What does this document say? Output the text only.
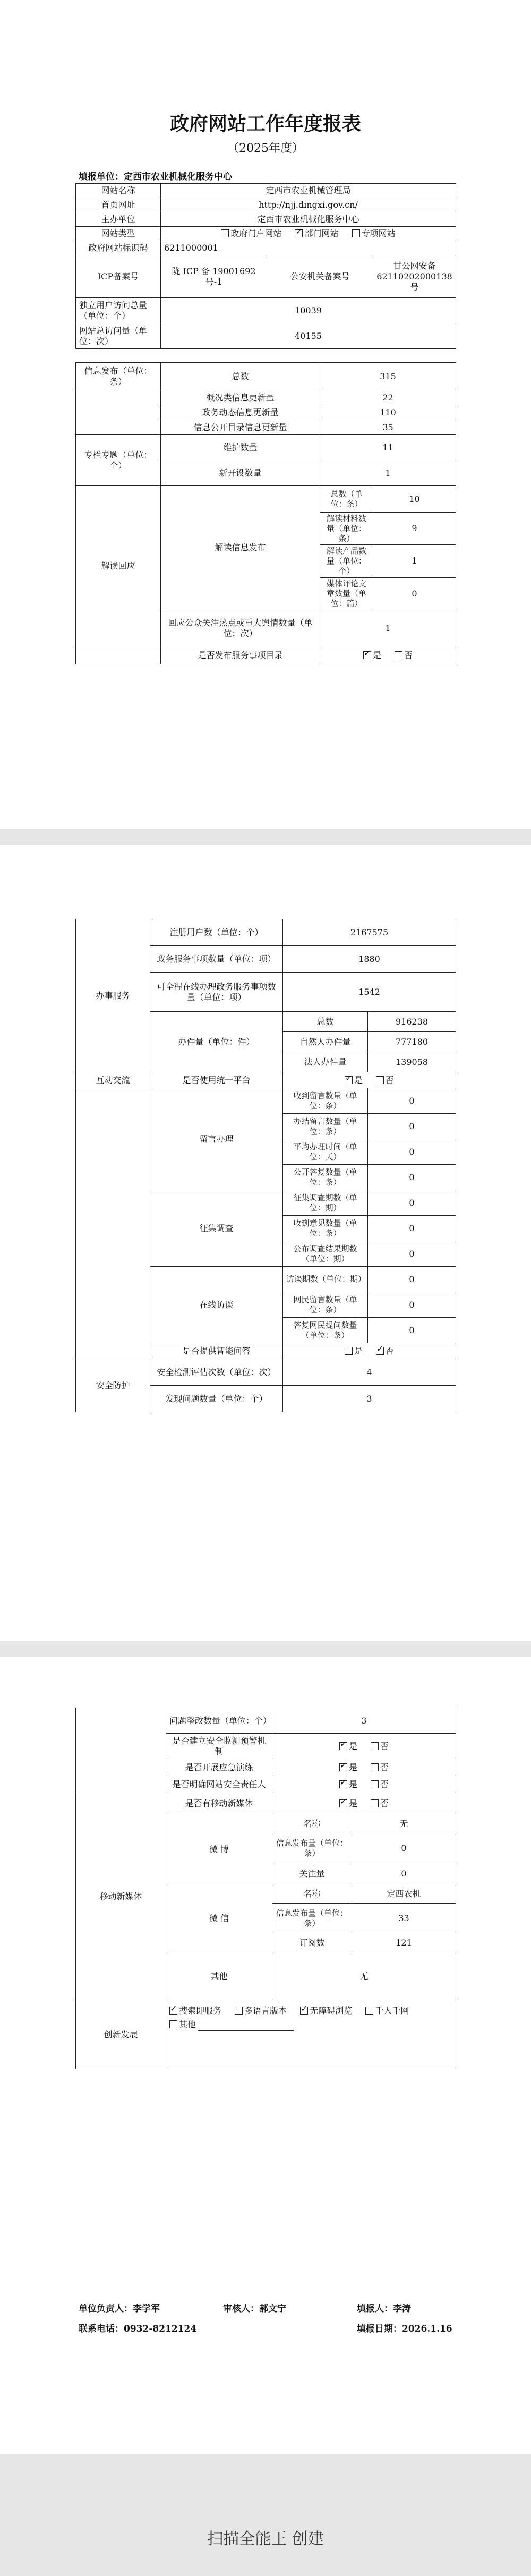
政府网站工作年度报表
（2025年度）
填报单位：定西市农业机械化服务中心
网站名称	定西市农业机械管理局		
首页网址	http://njj.dingxi.gov.cn/		
主办单位	定西市农业机械化服务中心		
网站类型	政府门户网站 ✓ 部门网站 专项网站
政府网站标识码	6211000001		
ICP备案号	陇 ICP 备 19001692 号-1	公安机关备案号	甘公网安备62110202000138号
独立用户访问总量（单位：个）	10039		
网站总访问量（单位：次）	40155		
信息发布（单位：条）	总数	315	
	概况类信息更新量	22	
	政务动态信息更新量	110	
	信息公开目录信息更新量	35	
专栏专题（单位：个）	维护数量	11	
	新开设数量	1	
解读回应	解读信息发布	总数（单位：条）	10
		解读材料数量（单位：条）	9
		解读产品数量（单位：个）	1
		媒体评论文章数量（单位：篇）	0
	回应公众关注热点或重大舆情数量（单位：次）	1	
	是否发布服务事项目录	✓是 否
办事服务	注册用户数（单位：个）	2167575	
	政务服务事项数量（单位：项）	1880	
	可全程在线办理政务服务事项数量（单位：项）	1542	
	办件量（单位：件）	总数	916238
		自然人办件量	777180
		法人办件量	139058
互动交流	是否使用统一平台	✓是 否
	留言办理	收到留言数量（单位：条）	0
		办结留言数量（单位：条）	0
		平均办理时间（单位：天）	0
		公开答复数量（单位：条）	0
	征集调查	征集调查期数（单位：期）	0
		收到意见数量（单位：条）	0
		公布调查结果期数（单位：期）	0
	在线访谈	访谈期数（单位：期）	0
		网民留言数量（单位：条）	0
		答复网民提问数量（单位：条）	0
	是否提供智能问答	是 ✓ 否
安全防护	安全检测评估次数（单位：次）	4	
	发现问题数量（单位：个）	3	
	问题整改数量（单位：个）	3	
	是否建立安全监测预警机制	✓是 否
	是否开展应急演练	✓是 否
	是否明确网站安全责任人	✓是 否
移动新媒体	是否有移动新媒体	✓是 否
	微 博	名称	无
		信息发布量（单位：条）	0
		关注量	0
	微 信	名称	定西农机
		信息发布量（单位：条）	33
		订阅数	121
	其他	无	
创新发展	✓搜索即服务 多语言版本 ✓ 无障碍浏览 千人千网
其他
单位负责人：李学军	审核人：郝文宁	填报人：李涛
联系电话：0932-8212124	填报日期：2026.1.16
扫描全能王 创建
